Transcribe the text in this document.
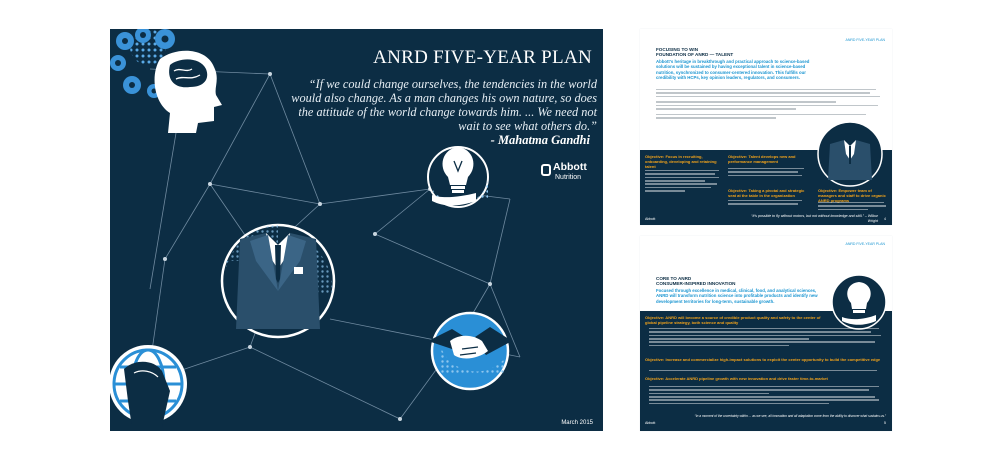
ANRD FIVE-YEAR PLAN
“If we could change ourselves, the tendencies in the world would also change. As a man changes his own nature, so does the attitude of the world change towards him. ... We need not wait to see what others do.”
- Mahatma Gandhi
Abbott
Nutrition
March 2015
ANRD FIVE-YEAR PLAN
FOCUSING TO WIN
FOUNDATION OF ANRD — TALENT
Abbott's heritage in breakthrough and practical approach to science-based solutions will be sustained by having exceptional talent in science-based nutrition, synchronized to consumer-centered innovation. This fulfills our credibility with HCPs, key opinion leaders, regulators, and consumers.
Objective: Focus in recruiting, onboarding, developing and retaining talent
Objective: Talent develops new and performance management
Objective: Taking a pivotal and strategic seat at the table in the organization
Objective: Empower team of managers and staff to drive organic ANRD programs
“It's possible to fly without motors, but not without knowledge and skill.” – Wilbur Wright
Abbott	4
ANRD FIVE-YEAR PLAN
CORE TO ANRD
CONSUMER-INSPIRED INNOVATION
Focused through excellence in medical, clinical, food, and analytical sciences, ANRD will transform nutrition science into profitable products and identify new development territories for long-term, sustainable growth.
Objective: ANRD will become a source of credible product quality and safety to the center of global pipeline strategy, both science and quality
Objective: Increase and commercialize high-impact solutions to exploit the center opportunity to build the competitive edge
Objective: Accelerate ANRD pipeline growth with new innovation and drive faster time-to-market
“In a moment of the uncertainty within ... as we see, all innovation and all adaptation come from the ability to discover what sustains us.”
Abbott	5
